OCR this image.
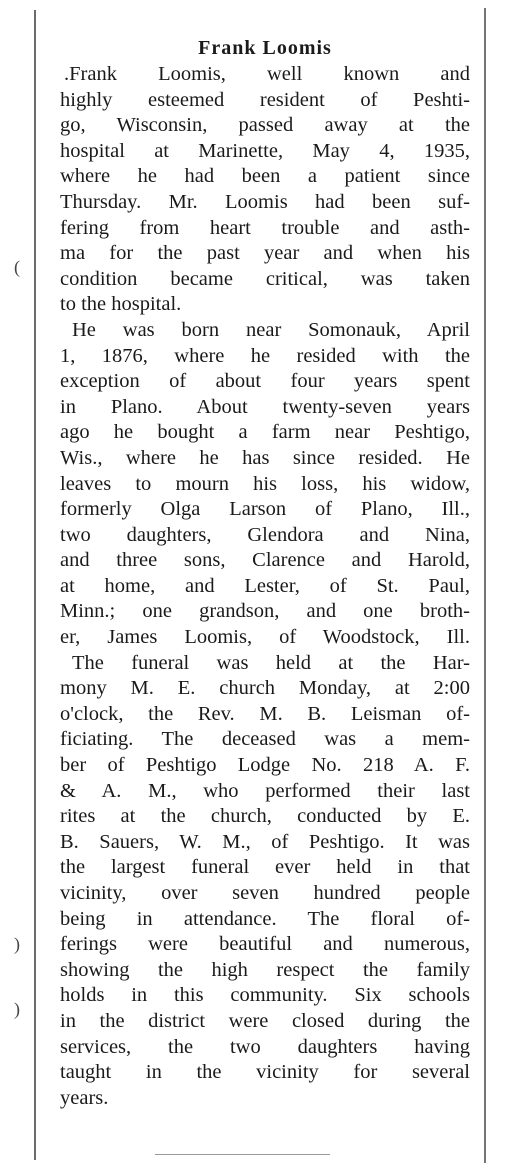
(
)
)
Frank Loomis
.Frank Loomis, well known and
highly esteemed resident of Peshti-
go, Wisconsin, passed away at the
hospital at Marinette, May 4, 1935,
where he had been a patient since
Thursday. Mr. Loomis had been suf-
fering from heart trouble and asth-
ma for the past year and when his
condition became critical, was taken
to the hospital.
He was born near Somonauk, April
1, 1876, where he resided with the
exception of about four years spent
in Plano. About twenty-seven years
ago he bought a farm near Peshtigo,
Wis., where he has since resided. He
leaves to mourn his loss, his widow,
formerly Olga Larson of Plano, Ill.,
two daughters, Glendora and Nina,
and three sons, Clarence and Harold,
at home, and Lester, of St. Paul,
Minn.; one grandson, and one broth-
er, James Loomis, of Woodstock, Ill.
The funeral was held at the Har-
mony M. E. church Monday, at 2:00
o'clock, the Rev. M. B. Leisman of-
ficiating. The deceased was a mem-
ber of Peshtigo Lodge No. 218 A. F.
& A. M., who performed their last
rites at the church, conducted by E.
B. Sauers, W. M., of Peshtigo. It was
the largest funeral ever held in that
vicinity, over seven hundred people
being in attendance. The floral of-
ferings were beautiful and numerous,
showing the high respect the family
holds in this community. Six schools
in the district were closed during the
services, the two daughters having
taught in the vicinity for several
years.
